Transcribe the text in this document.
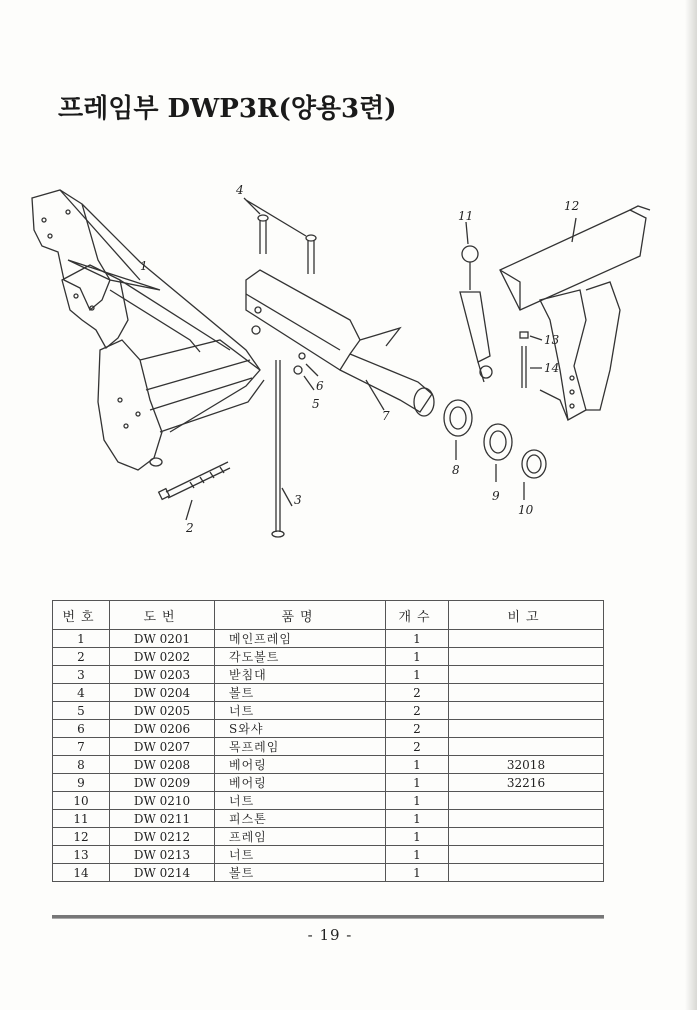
프레임부 DWP3R(양용3련)
1
2
3
4
5
6
7
8
9
10
11
12
13
14
번호	도번	품명	개수	비고
1	DW 0201	메인프레임	1	
2	DW 0202	각도볼트	1	
3	DW 0203	받침대	1	
4	DW 0204	볼트	2	
5	DW 0205	너트	2	
6	DW 0206	S와샤	2	
7	DW 0207	목프레임	2	
8	DW 0208	베어링	1	32018
9	DW 0209	베어링	1	32216
10	DW 0210	너트	1	
11	DW 0211	피스톤	1	
12	DW 0212	프레임	1	
13	DW 0213	너트	1	
14	DW 0214	볼트	1	
- 19 -
